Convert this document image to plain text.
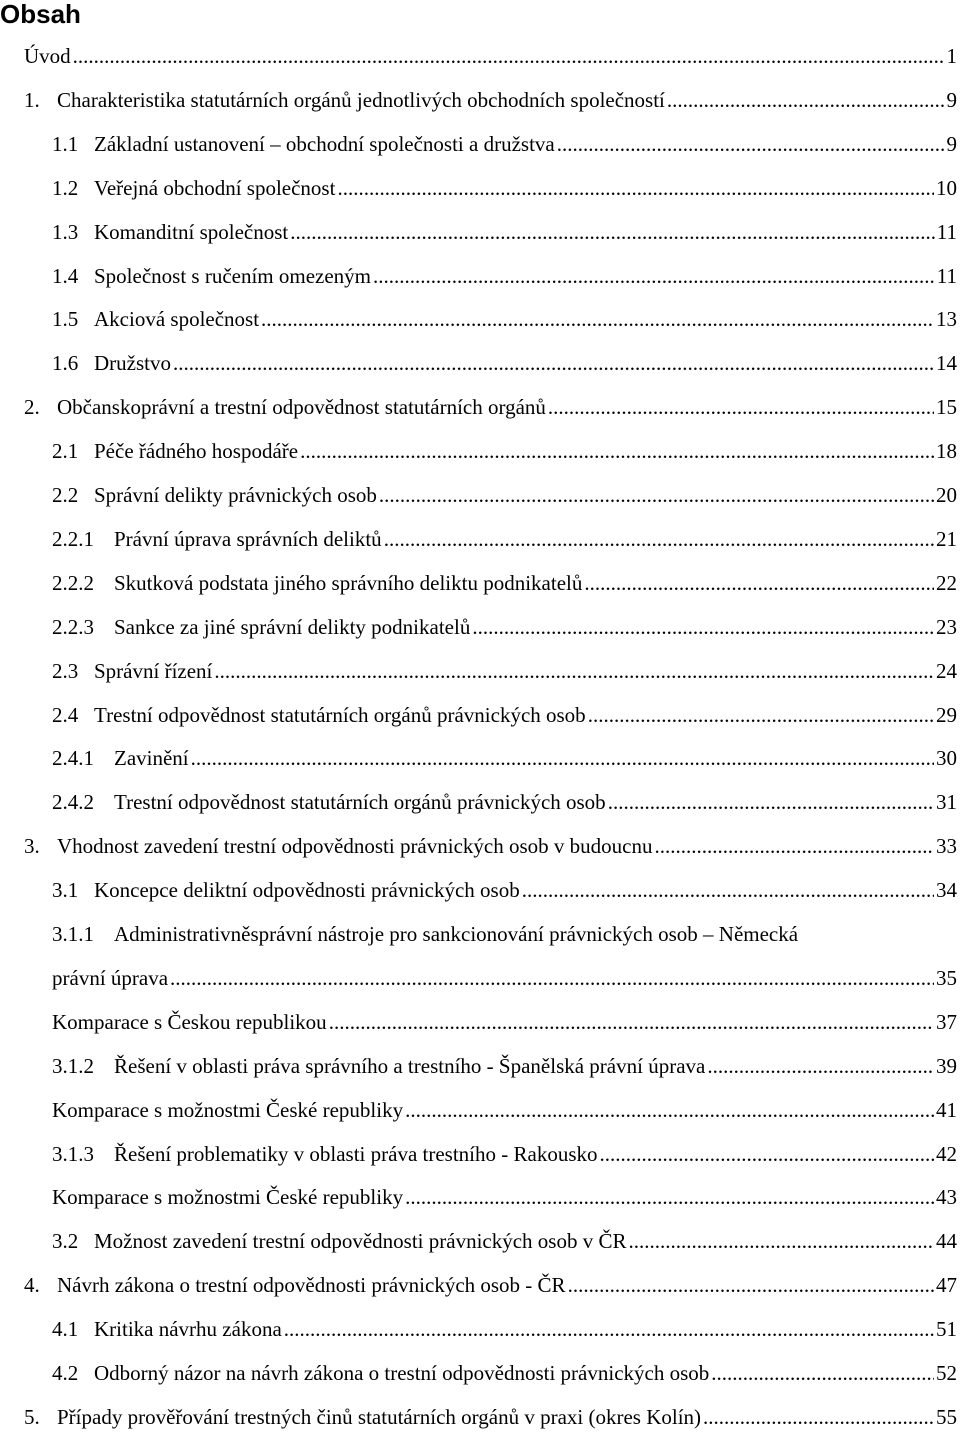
Obsah
Úvod .....	1
1. Charakteristika statutárních orgánů jednotlivých obchodních společností .....	9
1.1 Základní ustanovení – obchodní společnosti a družstva .....	9
1.2 Veřejná obchodní společnost .....	10
1.3 Komanditní společnost .....	11
1.4 Společnost s ručením omezeným .....	11
1.5 Akciová společnost .....	13
1.6 Družstvo .....	14
2. Občanskoprávní a trestní odpovědnost statutárních orgánů .....	15
2.1 Péče řádného hospodáře .....	18
2.2 Správní delikty právnických osob .....	20
2.2.1 Právní úprava správních deliktů .....	21
2.2.2 Skutková podstata jiného správního deliktu podnikatelů .....	22
2.2.3 Sankce za jiné správní delikty podnikatelů .....	23
2.3 Správní řízení .....	24
2.4 Trestní odpovědnost statutárních orgánů právnických osob .....	29
2.4.1 Zavinění .....	30
2.4.2 Trestní odpovědnost statutárních orgánů právnických osob .....	31
3. Vhodnost zavedení trestní odpovědnosti právnických osob v budoucnu .....	33
3.1 Koncepce deliktní odpovědnosti právnických osob .....	34
3.1.1 Administrativněsprávní nástroje pro sankcionování právnických osob – Německá
právní úprava .....	35
Komparace s Českou republikou .....	37
3.1.2 Řešení v oblasti práva správního a trestního - Španělská právní úprava .....	39
Komparace s možnostmi České republiky .....	41
3.1.3 Řešení problematiky v oblasti práva trestního - Rakousko .....	42
Komparace s možnostmi České republiky .....	43
3.2 Možnost zavedení trestní odpovědnosti právnických osob v ČR .....	44
4. Návrh zákona o trestní odpovědnosti právnických osob - ČR .....	47
4.1 Kritika návrhu zákona .....	51
4.2 Odborný názor na návrh zákona o trestní odpovědnosti právnických osob .....	52
5. Případy prověřování trestných činů statutárních orgánů v praxi (okres Kolín) .....	55
